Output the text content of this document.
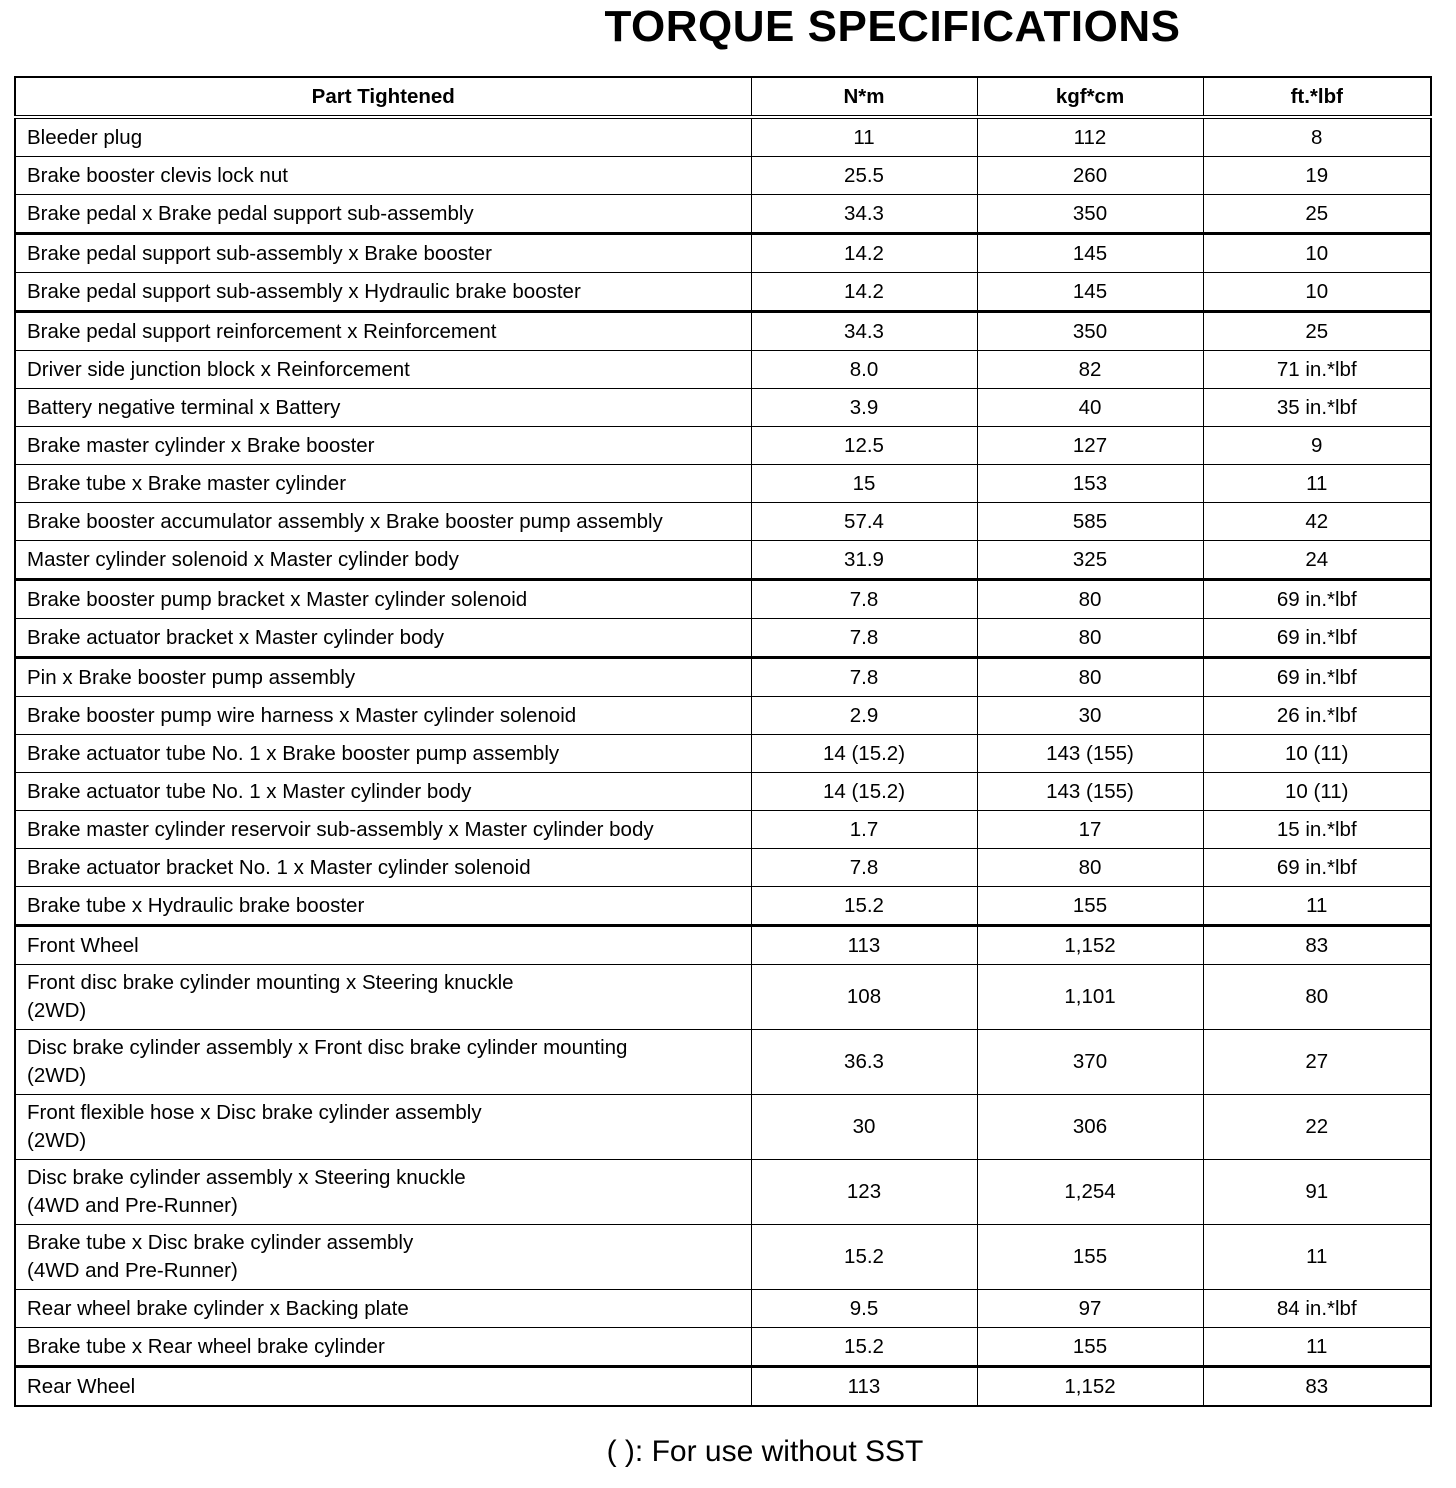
TORQUE SPECIFICATIONS
Part Tightened	N*m	kgf*cm	ft.*lbf

Bleeder plug	11	112	8

Brake booster clevis lock nut	25.5	260	19

Brake pedal x Brake pedal support sub-assembly	34.3	350	25

Brake pedal support sub-assembly x Brake booster	14.2	145	10

Brake pedal support sub-assembly x Hydraulic brake booster	14.2	145	10

Brake pedal support reinforcement x Reinforcement	34.3	350	25

Driver side junction block x Reinforcement	8.0	82	71 in.*lbf

Battery negative terminal x Battery	3.9	40	35 in.*lbf

Brake master cylinder x Brake booster	12.5	127	9

Brake tube x Brake master cylinder	15	153	11

Brake booster accumulator assembly x Brake booster pump assembly	57.4	585	42

Master cylinder solenoid x Master cylinder body	31.9	325	24

Brake booster pump bracket x Master cylinder solenoid	7.8	80	69 in.*lbf

Brake actuator bracket x Master cylinder body	7.8	80	69 in.*lbf

Pin x Brake booster pump assembly	7.8	80	69 in.*lbf

Brake booster pump wire harness x Master cylinder solenoid	2.9	30	26 in.*lbf

Brake actuator tube No. 1 x Brake booster pump assembly	14 (15.2)	143 (155)	10 (11)

Brake actuator tube No. 1 x Master cylinder body	14 (15.2)	143 (155)	10 (11)

Brake master cylinder reservoir sub-assembly x Master cylinder body	1.7	17	15 in.*lbf

Brake actuator bracket No. 1 x Master cylinder solenoid	7.8	80	69 in.*lbf

Brake tube x Hydraulic brake booster	15.2	155	11

Front Wheel	113	1,152	83

Front disc brake cylinder mounting x Steering knuckle
(2WD)	108	1,101	80

Disc brake cylinder assembly x Front disc brake cylinder mounting
(2WD)	36.3	370	27

Front flexible hose x Disc brake cylinder assembly
(2WD)	30	306	22

Disc brake cylinder assembly x Steering knuckle
(4WD and Pre-Runner)	123	1,254	91

Brake tube x Disc brake cylinder assembly
(4WD and Pre-Runner)	15.2	155	11

Rear wheel brake cylinder x Backing plate	9.5	97	84 in.*lbf

Brake tube x Rear wheel brake cylinder	15.2	155	11

Rear Wheel	113	1,152	83

( ): For use without SST
